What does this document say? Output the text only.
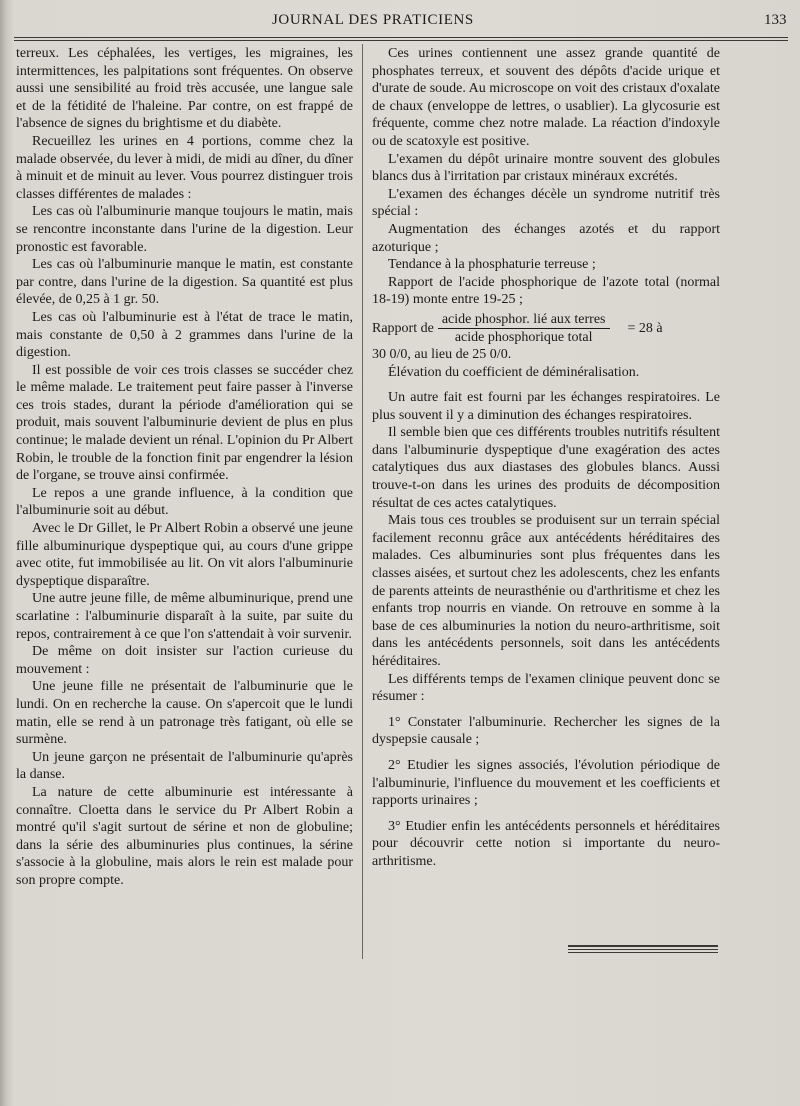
JOURNAL DES PRATICIENS	133

terreux. Les céphalées, les vertiges, les migraines, les intermittences, les palpitations sont fréquentes. On observe aussi une sensibilité au froid très accusée, une langue sale et de la fétidité de l'haleine. Par contre, on est frappé de l'absence de signes du brightisme et du diabète.

Recueillez les urines en 4 portions, comme chez la malade observée, du lever à midi, de midi au dîner, du dîner à minuit et de minuit au lever. Vous pourrez distinguer trois classes différentes de malades :

Les cas où l'albuminurie manque toujours le matin, mais se rencontre inconstante dans l'urine de la digestion. Leur pronostic est favorable.

Les cas où l'albuminurie manque le matin, est constante par contre, dans l'urine de la digestion. Sa quantité est plus élevée, de 0,25 à 1 gr. 50.

Les cas où l'albuminurie est à l'état de trace le matin, mais constante de 0,50 à 2 grammes dans l'urine de la digestion.

Il est possible de voir ces trois classes se succéder chez le même malade. Le traitement peut faire passer à l'inverse ces trois stades, durant la période d'amélioration qui se produit, mais souvent l'albuminurie devient de plus en plus continue; le malade devient un rénal. L'opinion du Pr Albert Robin, le trouble de la fonction finit par engendrer la lésion de l'organe, se trouve ainsi confirmée.

Le repos a une grande influence, à la condition que l'albuminurie soit au début.

Avec le Dr Gillet, le Pr Albert Robin a observé une jeune fille albuminurique dyspeptique qui, au cours d'une grippe avec otite, fut immobilisée au lit. On vit alors l'albuminurie dyspeptique disparaître.

Une autre jeune fille, de même albuminurique, prend une scarlatine : l'albuminurie disparaît à la suite, par suite du repos, contrairement à ce que l'on s'attendait à voir survenir.

De même on doit insister sur l'action curieuse du mouvement :

Une jeune fille ne présentait de l'albuminurie que le lundi. On en recherche la cause. On s'apercoit que le lundi matin, elle se rend à un patronage très fatigant, où elle se surmène.

Un jeune garçon ne présentait de l'albuminurie qu'après la danse.

La nature de cette albuminurie est intéressante à connaître. Cloetta dans le service du Pr Albert Robin a montré qu'il s'agit surtout de sérine et non de globuline; dans la série des albuminuries plus continues, la sérine s'associe à la globuline, mais alors le rein est malade pour son propre compte.

Ces urines contiennent une assez grande quantité de phosphates terreux, et souvent des dépôts d'acide urique et d'urate de soude. Au microscope on voit des cristaux d'oxalate de chaux (enveloppe de lettres, o usablier). La glycosurie est fréquente, comme chez notre malade. La réaction d'indoxyle ou de scatoxyle est positive.

L'examen du dépôt urinaire montre souvent des globules blancs dus à l'irritation par cristaux minéraux excrétés.

L'examen des échanges décèle un syndrome nutritif très spécial :

Augmentation des échanges azotés et du rapport azoturique ;

Tendance à la phosphaturie terreuse ;

Rapport de l'acide phosphorique de l'azote total (normal 18-19) monte entre 19-25 ;

Rapport de $\frac{\text{acide phosphor. lié aux terres}}{\text{acide phosphorique total}} = 28$ à

30 0/0, au lieu de 25 0/0.

Élévation du coefficient de déminéralisation.

Un autre fait est fourni par les échanges respiratoires. Le plus souvent il y a diminution des échanges respiratoires.

Il semble bien que ces différents troubles nutritifs résultent dans l'albuminurie dyspeptique d'une exagération des actes catalytiques dus aux diastases des globules blancs. Aussi trouve-t-on dans les urines des produits de décomposition résultat de ces actes catalytiques.

Mais tous ces troubles se produisent sur un terrain spécial facilement reconnu grâce aux antécédents héréditaires des malades. Ces albuminuries sont plus fréquentes dans les classes aisées, et surtout chez les adolescents, chez les enfants de parents atteints de neurasthénie ou d'arthritisme et chez les enfants trop nourris en viande. On retrouve en somme à la base de ces albuminuries la notion du neuro-arthritisme, soit dans les antécédents personnels, soit dans les antécédents héréditaires.

Les différents temps de l'examen clinique peuvent donc se résumer :

1° Constater l'albuminurie. Rechercher les signes de la dyspepsie causale ;

2° Etudier les signes associés, l'évolution périodique de l'albuminurie, l'influence du mouvement et les coefficients et rapports urinaires ;

3° Etudier enfin les antécédents personnels et héréditaires pour découvrir cette notion si importante du neuro-arthritisme.
